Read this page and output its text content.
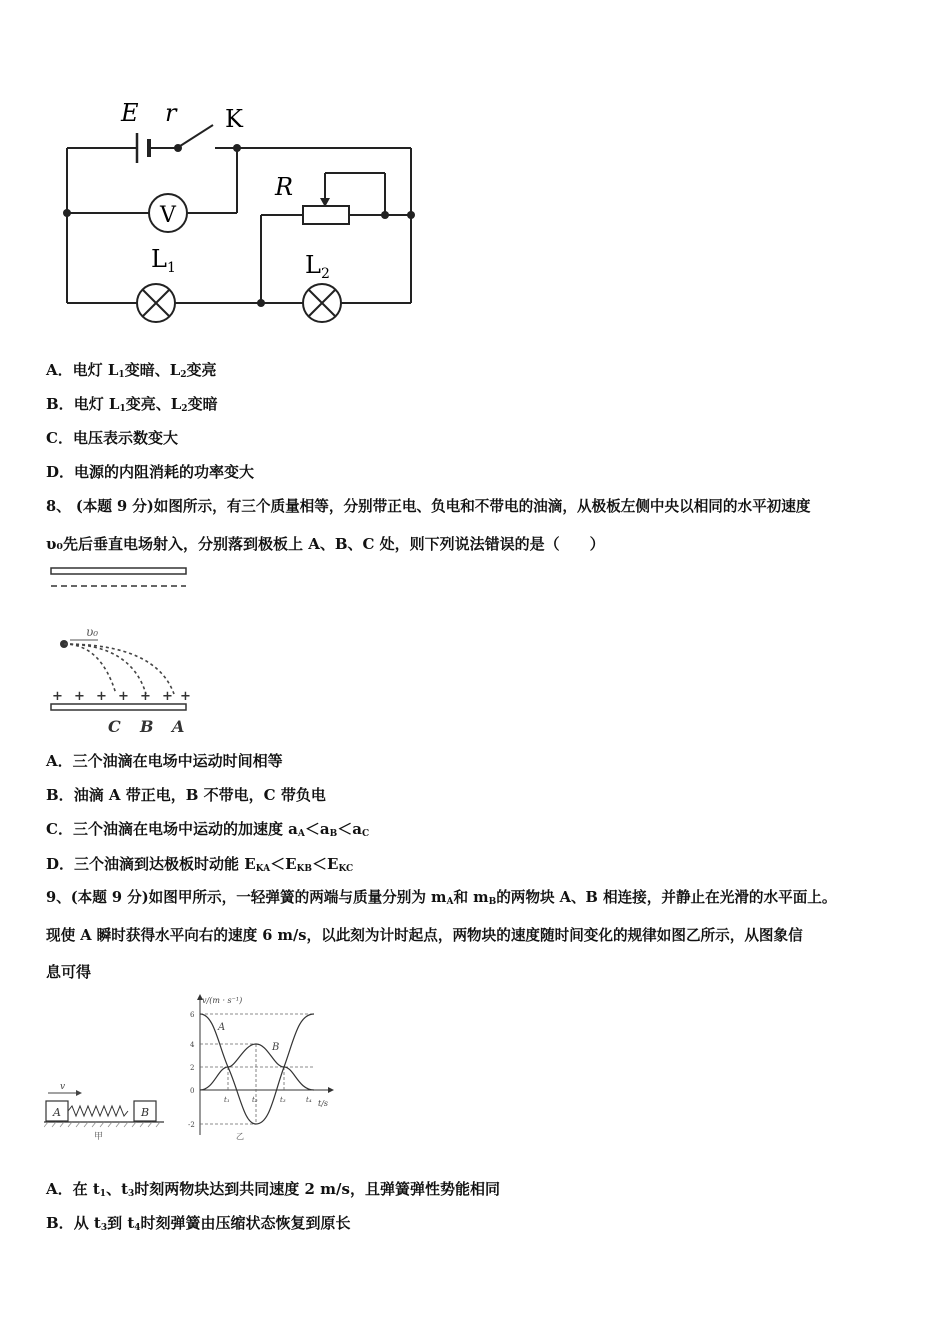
E r K
R
V
$L_1$	$L_2$
A．电灯 $L_1$变暗、$L_2$变亮
B．电灯 $L_1$变亮、$L_2$变暗
C．电压表示数变大
D．电源的内阻消耗的功率变大
8、 (本题 9 分)如图所示，有三个质量相等，分别带正电、负电和不带电的油滴，从极板左侧中央以相同的水平初速度
υ₀先后垂直电场射入，分别落到极板上 A、B、C 处，则下列说法错误的是（　　）
υ₀
+ + + + + + +
C B A
A．三个油滴在电场中运动时间相等
B．油滴 A 带正电，B 不带电，C 带负电
C．三个油滴在电场中运动的加速度 $a_A<a_B<a_C$
D．三个油滴到达极板时动能 $E_{KA}<E_{KB}<E_{KC}$
9、(本题 9 分)如图甲所示，一轻弹簧的两端与质量分别为 $m_A$和 $m_B$的两物块 A、B 相连接，并静止在光滑的水平面上。
现使 A 瞬时获得水平向右的速度 6 m/s，以此刻为计时起点，两物块的速度随时间变化的规律如图乙所示，从图象信
息可得
v
A	B
甲
v/(m · s⁻¹)
t/s
6
4
2
0
-2
t₁	t₂	t₃	t₄
A
B
乙
A．在 $t_1$、$t_3$时刻两物块达到共同速度 2 m/s，且弹簧弹性势能相同
B．从 $t_3$到 $t_4$时刻弹簧由压缩状态恢复到原长
